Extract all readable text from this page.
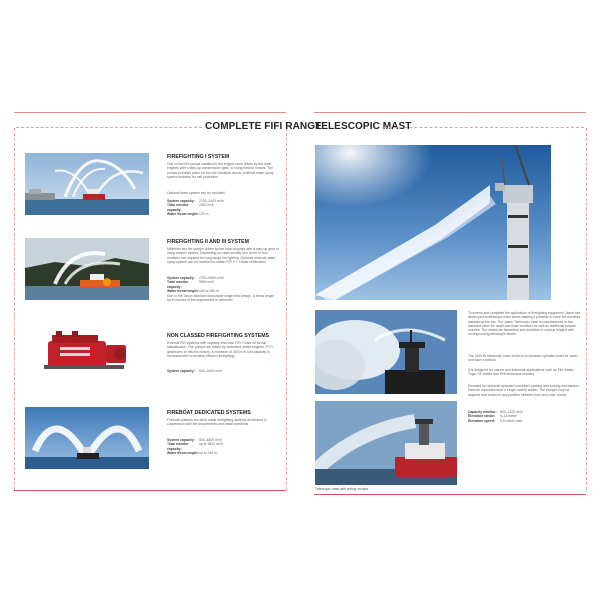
COMPLETE FIFI RANGE
FIREFIGHTING I SYSTEM
One or two fire pumps installed in the engine room driven by the main engines with a step-up transmission gear, or using electric motors. The pumps provides water for two fire monitors and an external water spray system installed for self protection.
Optional foam system can be included
System capacity:	2700–2400 m³/h
Total monitor capacity:
2400 m³/h
Water throw length: 120 m
FIREFIGHTING II AND III SYSTEM
Minimum two fire pumps driven by the main engines with a step-up gear or using electric motors. Depending on class society two, three or four monitors are required for long range fire fighting. Optional external water spray system can be installed to obtain FiFi II + I class notification.
System capacity:	7200–9600 m³/h
Total monitor capacity:
9600 m³/h
Water throw length: 180 to 180 m
Due to the Jason Monitors favourable single flow design, a throw length far in excess of the requirement is achieved.
NON CLASSED FIREFIGHTING SYSTEMS
External FiFi systems with capacity less than FiFi I have no formal classification. Fire pumps are driven by dedicated diesel engines, PTO gearboxes or electric motors. A minimum of 300 m³/h unit capacity is recommended to achieve efficient firefighting.
System capacity:	600–2400 m³/h
FIREBOAT DEDICATED SYSTEMS
Fireboat systems are tailor made firefighting systems developed in cooperation with the departments and naval architects.
System capacity:	600–4800 m³/h
Total monitor capacity:
up to 3600 m³/h
Water throw length: up to 240 m
TELESCOPIC MAST
Telescopic mast with jet/fog monitor
To extend and complete the application of firefighting equipment Jason has developed a telescopic mast series making it possible to have fire monitors installed at the top. The Jason Telescopic mast is manufactured in two standard sizes for water and foam monitors as well as additional powder nozzles. The masts are fabricated and available in various lengths with corresponding telescopic stroke.
The JASON telescopic mast series is a hydraulic operated mast for water and foam monitors.
It is designed for marine and industrial applications such as Fire Boats, Tugs, Oil Jetties and Petrochemical Industry.
Elevated by hydraulic operated combined parking and locking mechanism. Remote controlled from a single control switch. The plunger may be stopped and locked in any position between zero and max. stroke.
Capacity monitor: 600–1200 m³/h
Elevation stroke:	5–15 meter
Elevation speed:	0,5 m/min max
